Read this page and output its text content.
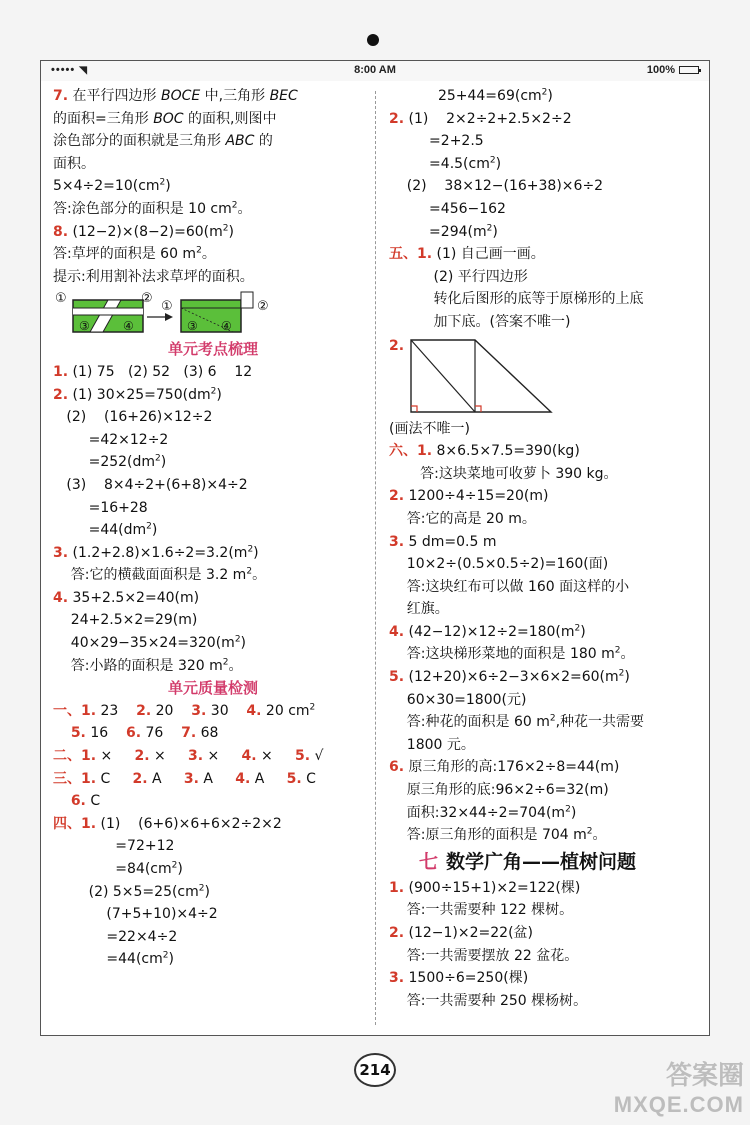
••••• ◥	8:00 AM	100%
7. 在平行四边形 BOCE 中,三角形 BEC
的面积=三角形 BOC 的面积,则图中
涂色部分的面积就是三角形 ABC 的
面积。
$5\times 4\div 2=10(cm^2)$
答:涂色部分的面积是 10 $cm^2$。
8. $(12-2)\times(8-2)=60(m^2)$
答:草坪的面积是 60 $m^2$。
提示:利用割补法求草坪的面积。
①	②
③	④
①	②
③ ④
单元考点梳理
1. (1) 75   (2) 52   (3) 6    12
2. (1) $30\times 25=750(dm^2)$
(2)    (16+26)×12÷2
=42×12÷2
$=252(dm^2)$
(3)    8×4÷2+(6+8)×4÷2
=16+28
$=44(dm^2)$
3. $(1.2+2.8)\times 1.6\div 2=3.2(m^2)$
答:它的横截面面积是 3.2 $m^2$。
4. 35+2.5×2=40(m)
24+2.5×2=29(m)
$40\times 29-35\times 24=320(m^2)$
答:小路的面积是 320 $m^2$。
单元质量检测
一、1. 23    2. 20    3. 30    4. 20 $cm^2$
5. 16    6. 76    7. 68
二、1. ×     2. ×     3. ×     4. ×     5. √
三、1. C     2. A     3. A     4. A     5. C
6. C
四、1. (1)    (6+6)×6+6×2÷2×2
=72+12
$=84(cm^2)$
(2) $5\times 5=25(cm^2)$
(7+5+10)×4÷2
=22×4÷2
$=44(cm^2)$
$25+44=69(cm^2)$
2. (1)    2×2÷2+2.5×2÷2
=2+2.5
$=4.5(cm^2)$
(2)    38×12−(16+38)×6÷2
=456−162
$=294(m^2)$
五、1. (1) 自己画一画。
(2) 平行四边形
转化后图形的底等于原梯形的上底
加下底。(答案不唯一)
2.
(画法不唯一)
六、1. 8×6.5×7.5=390(kg)
答:这块菜地可收萝卜 390 kg。
2. 1200÷4÷15=20(m)
答:它的高是 20 m。
3. 5 dm=0.5 m
10×2÷(0.5×0.5÷2)=160(面)
答:这块红布可以做 160 面这样的小
红旗。
4. $(42-12)\times 12\div 2=180(m^2)$
答:这块梯形菜地的面积是 180 $m^2$。
5. $(12+20)\times 6\div 2-3\times 6\times 2=60(m^2)$
60×30=1800(元)
答:种花的面积是 60 $m^2$,种花一共需要
1800 元。
6. 原三角形的高:176×2÷8=44(m)
原三角形的底:96×2÷6=32(m)
面积$:32\times 44\div 2=704(m^2)$
答:原三角形的面积是 704 $m^2$。
七 数学广角——植树问题
1. (900÷15+1)×2=122(棵)
答:一共需要种 122 棵树。
2. (12−1)×2=22(盆)
答:一共需要摆放 22 盆花。
3. 1500÷6=250(棵)
答:一共需要种 250 棵杨树。
214	答案圈
MXQE.COM
